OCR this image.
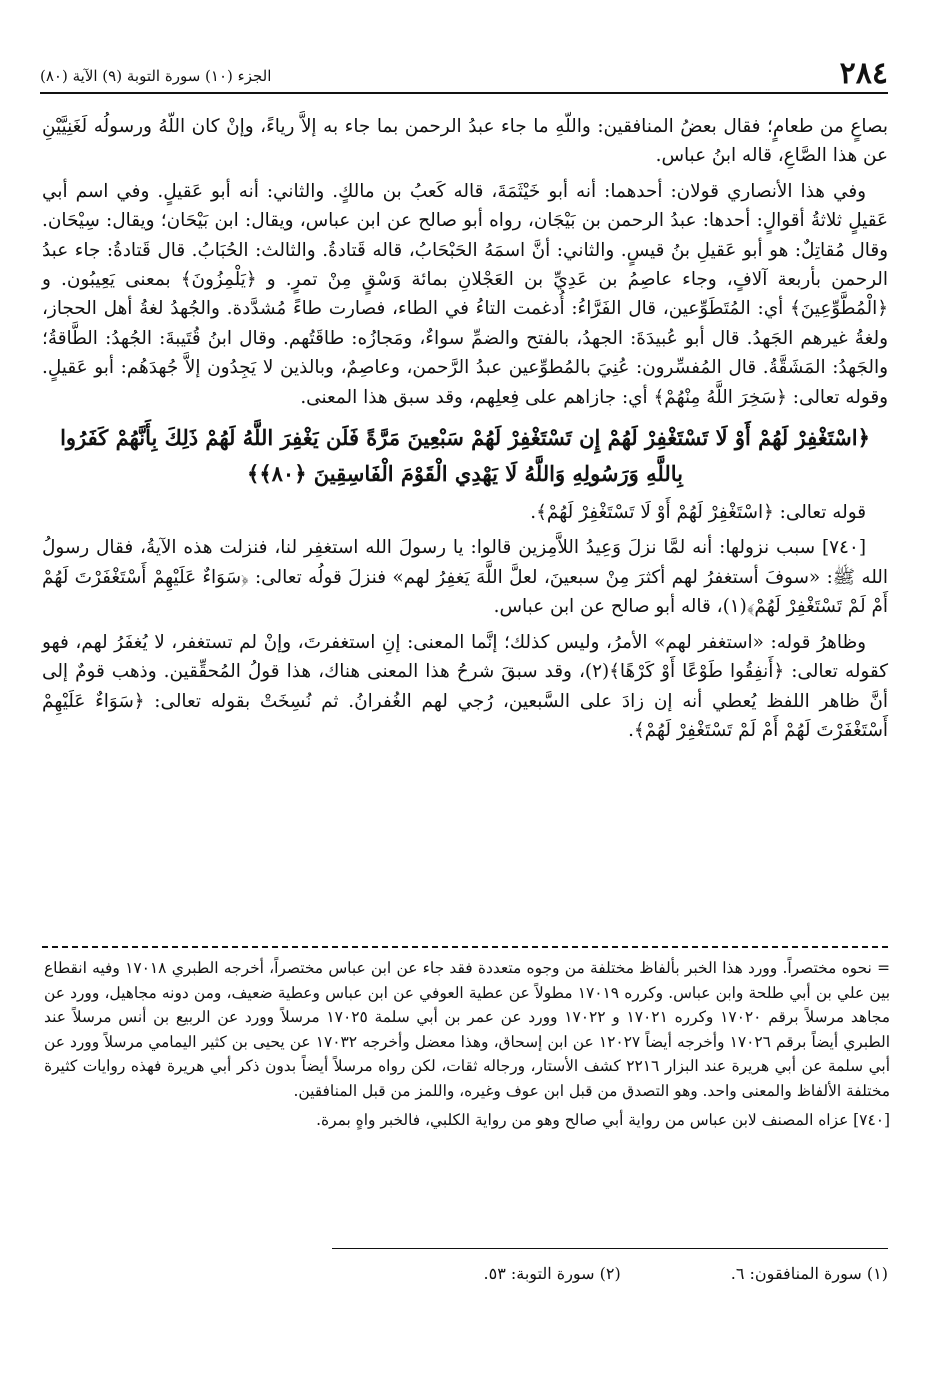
٢٨٤
الجزء (١٠) سورة التوبة (٩) الآية (٨٠)

بصاعٍ من طعامٍ؛ فقال بعضُ المنافقين: واللّهِ ما جاء عبدُ الرحمن بما جاء به إلاَّ رياءً، وإنْ كان اللّهُ ورسولُه لَغَنِيَّيْنِ عن هذا الصَّاعِ، قاله ابنُ عباس.

وفي هذا الأنصاري قولان: أحدهما: أنه أبو خَيْثَمَةَ، قاله كَعبُ بن مالكٍ. والثاني: أنه أبو عَقيلٍ. وفي اسم أبي عَقيلٍ ثلاثةُ أقوالٍ: أحدها: عبدُ الرحمن بن بَيْجَان، رواه أبو صالح عن ابن عباس، ويقال: ابن بَيْحَان؛ ويقال: سِيْحَان. وقال مُقاتِلٌ: هو أبو عَقيلِ بنُ قيسٍ. والثاني: أنَّ اسمَهُ الحَبْحَابُ، قاله قَتادةُ. والثالث: الحُبَابُ. قال قَتادةُ: جاء عبدُ الرحمن بأربعة آلافٍ، وجاء عاصِمُ بن عَدِيِّ بن العَجْلانِ بمائة وَسْقٍ مِنْ تمرٍ. و ﴿يَلْمِزُونَ﴾ بمعنى يَعِيبُون. و ﴿الْمُطَّوِّعِينَ﴾ أي: المُتَطَوِّعين، قال الفَرَّاءُ: أُدغمت التاءُ في الطاء، فصارت طاءً مُشدَّدة. والجُهدُ لغةُ أهل الحجاز، ولغةُ غيرهم الجَهدُ. قال أبو عُبيدَةَ: الجهدُ، بالفتح والضمِّ سواءٌ، ومَجازُه: طاقَتُهم. وقال ابنُ قُتَيبةَ: الجُهدُ: الطَّاقةُ؛ والجَهدُ: المَشَقَّةُ. قال المُفسِّرون: عُنِيَ بالمُطوِّعين عبدُ الرَّحمن، وعاصِمٌ، وبالذين لا يَجِدُون إلاَّ جُهدَهُم: أبو عَقيلٍ. وقوله تعالى: ﴿سَخِرَ اللَّهُ مِنْهُمْ﴾ أي: جازاهم على فِعلِهم، وقد سبق هذا المعنى.

﴿اسْتَغْفِرْ لَهُمْ أَوْ لَا تَسْتَغْفِرْ لَهُمْ إِن تَسْتَغْفِرْ لَهُمْ سَبْعِينَ مَرَّةً فَلَن يَغْفِرَ اللَّهُ لَهُمْ ذَلِكَ بِأَنَّهُمْ كَفَرُوا بِاللَّهِ وَرَسُولِهِ وَاللَّهُ لَا يَهْدِي الْقَوْمَ الْفَاسِقِينَ ﴿٨٠﴾﴾

قوله تعالى: ﴿اسْتَغْفِرْ لَهُمْ أَوْ لَا تَسْتَغْفِرْ لَهُمْ﴾.

[٧٤٠] سبب نزولها: أنه لمَّا نزلَ وَعِيدُ اللاَّمِزين قالوا: يا رسولَ الله استغفِر لنا، فنزلت هذه الآيةُ، فقال رسولُ الله ﷺ: «سوفَ أستغفرُ لهم أكثرَ مِنْ سبعينَ، لعلَّ اللَّهَ يَغفِرُ لهم» فنزلَ قولُه تعالى: ﴿سَوَاءٌ عَلَيْهِمْ أَسْتَغْفَرْتَ لَهُمْ أَمْ لَمْ تَسْتَغْفِرْ لَهُمْ﴾(١)، قاله أبو صالح عن ابن عباس.

وظاهرُ قوله: «استغفر لهم» الأمرُ، وليس كذلك؛ إنَّما المعنى: إنِ استغفرتَ، وإنْ لم تستغفر، لا يُغفَرُ لهم، فهو كقوله تعالى: ﴿أَنفِقُوا طَوْعًا أَوْ كَرْهًا﴾(٢)، وقد سبقَ شرحُ هذا المعنى هناك، هذا قولُ المُحقِّقين. وذهب قومٌ إلى أنَّ ظاهر اللفظ يُعطي أنه إن زادَ على السَّبعين، رُجي لهم الغُفرانُ. ثم نُسِخَتْ بقوله تعالى: ﴿سَوَاءٌ عَلَيْهِمْ أَسْتَغْفَرْتَ لَهُمْ أَمْ لَمْ تَسْتَغْفِرْ لَهُمْ﴾.

= نحوه مختصراً. وورد هذا الخبر بألفاظ مختلفة من وجوه متعددة فقد جاء عن ابن عباس مختصراً، أخرجه الطبري ١٧٠١٨ وفيه انقطاع بين علي بن أبي طلحة وابن عباس. وكرره ١٧٠١٩ مطولاً عن عطية العوفي عن ابن عباس وعطية ضعيف، ومن دونه مجاهيل، وورد عن مجاهد مرسلاً برقم ١٧٠٢٠ وكرره ١٧٠٢١ و ١٧٠٢٢ وورد عن عمر بن أبي سلمة ١٧٠٢٥ مرسلاً وورد عن الربيع بن أنس مرسلاً عند الطبري أيضاً برقم ١٧٠٢٦ وأخرجه أيضاً ١٢٠٢٧ عن ابن إسحاق، وهذا معضل وأخرجه ١٧٠٣٢ عن يحيى بن كثير اليمامي مرسلاً وورد عن أبي سلمة عن أبي هريرة عند البزار ٢٢١٦ كشف الأستار، ورجاله ثقات، لكن رواه مرسلاً أيضاً بدون ذكر أبي هريرة فهذه روايات كثيرة مختلفة الألفاظ والمعنى واحد. وهو التصدق من قبل ابن عوف وغيره، واللمز من قبل المنافقين.

[٧٤٠] عزاه المصنف لابن عباس من رواية أبي صالح وهو من رواية الكلبي، فالخبر واهٍ بمرة.

(١) سورة المنافقون: ٦.
(٢) سورة التوبة: ٥٣.
